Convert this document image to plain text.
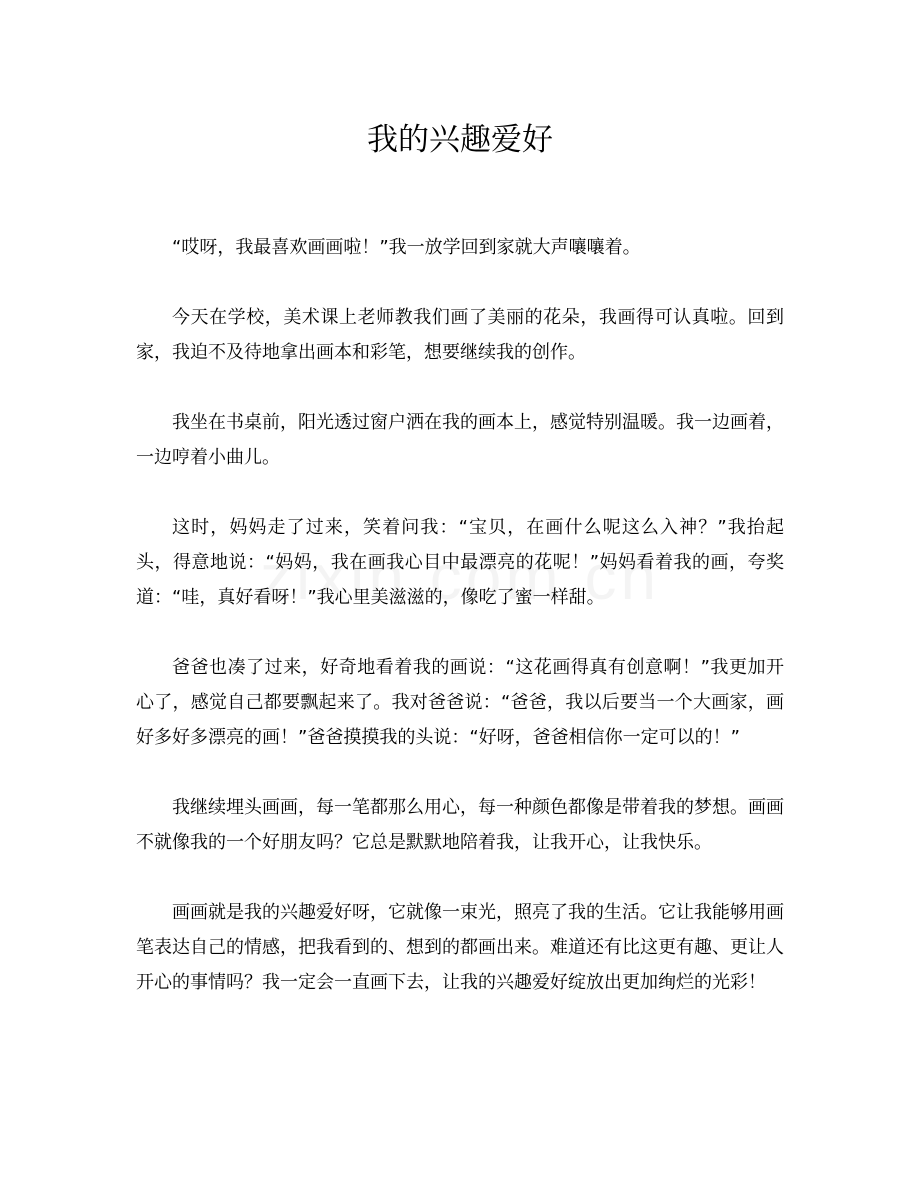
我的兴趣爱好

“哎呀，我最喜欢画画啦！”我一放学回到家就大声嚷嚷着。

今天在学校，美术课上老师教我们画了美丽的花朵，我画得可认真啦。回到家，我迫不及待地拿出画本和彩笔，想要继续我的创作。

我坐在书桌前，阳光透过窗户洒在我的画本上，感觉特别温暖。我一边画着，一边哼着小曲儿。

这时，妈妈走了过来，笑着问我：“宝贝，在画什么呢这么入神？”我抬起头，得意地说：“妈妈，我在画我心目中最漂亮的花呢！”妈妈看着我的画，夸奖道：“哇，真好看呀！”我心里美滋滋的，像吃了蜜一样甜。

爸爸也凑了过来，好奇地看着我的画说：“这花画得真有创意啊！”我更加开心了，感觉自己都要飘起来了。我对爸爸说：“爸爸，我以后要当一个大画家，画好多好多漂亮的画！”爸爸摸摸我的头说：“好呀，爸爸相信你一定可以的！”

我继续埋头画画，每一笔都那么用心，每一种颜色都像是带着我的梦想。画画不就像我的一个好朋友吗？它总是默默地陪着我，让我开心，让我快乐。

画画就是我的兴趣爱好呀，它就像一束光，照亮了我的生活。它让我能够用画笔表达自己的情感，把我看到的、想到的都画出来。难道还有比这更有趣、更让人开心的事情吗？我一定会一直画下去，让我的兴趣爱好绽放出更加绚烂的光彩！
